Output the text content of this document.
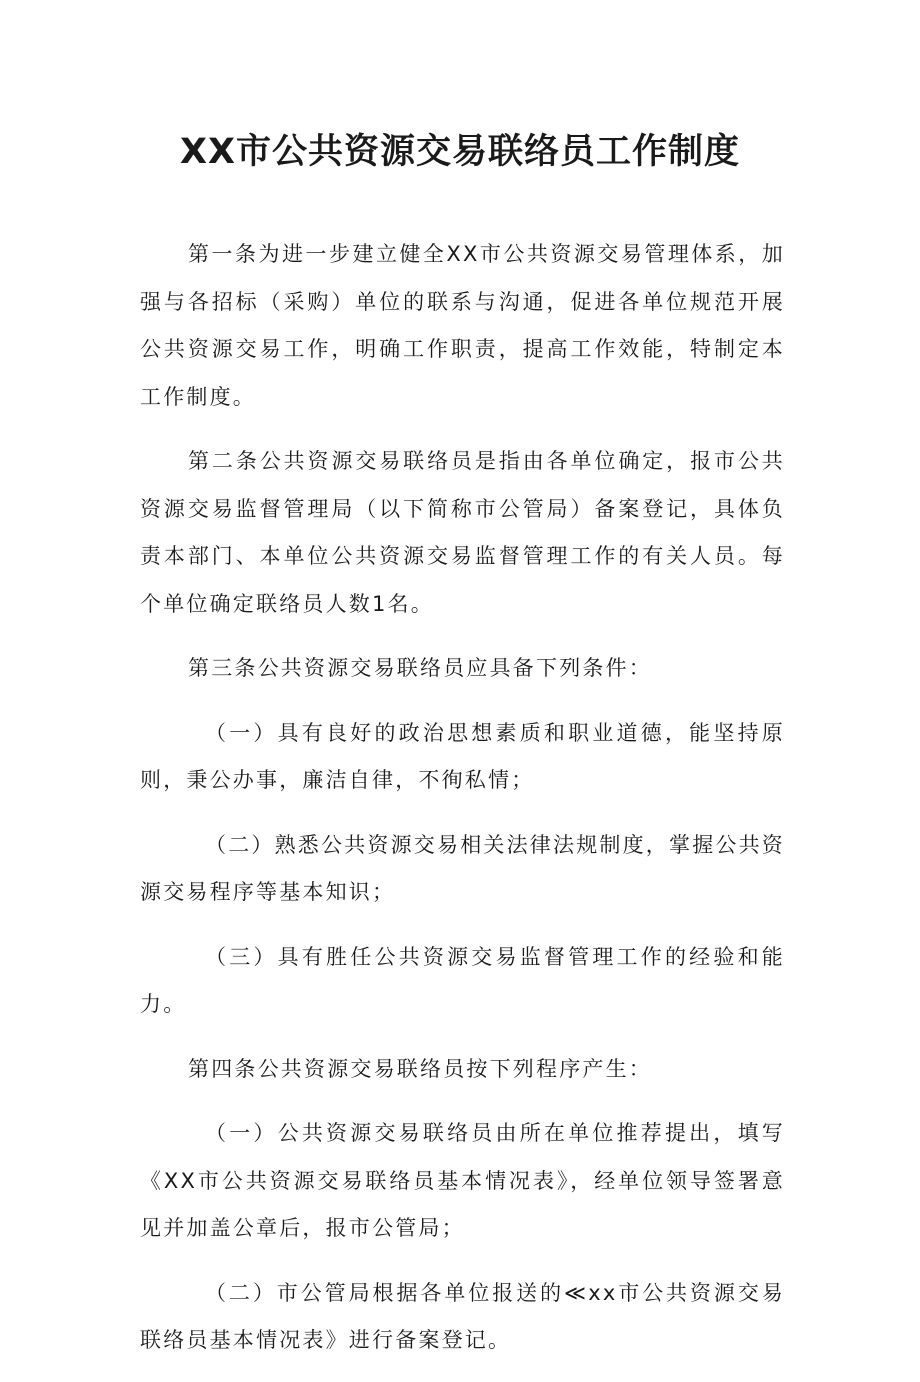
XX市公共资源交易联络员工作制度

第一条为进一步建立健全XX市公共资源交易管理体系，加强与各招标（采购）单位的联系与沟通，促进各单位规范开展公共资源交易工作，明确工作职责，提高工作效能，特制定本工作制度。

第二条公共资源交易联络员是指由各单位确定，报市公共资源交易监督管理局（以下简称市公管局）备案登记，具体负责本部门、本单位公共资源交易监督管理工作的有关人员。每个单位确定联络员人数1名。

第三条公共资源交易联络员应具备下列条件：

（一）具有良好的政治思想素质和职业道德，能坚持原则，秉公办事，廉洁自律，不徇私情；

（二）熟悉公共资源交易相关法律法规制度，掌握公共资源交易程序等基本知识；

（三）具有胜任公共资源交易监督管理工作的经验和能力。

第四条公共资源交易联络员按下列程序产生：

（一）公共资源交易联络员由所在单位推荐提出，填写《XX市公共资源交易联络员基本情况表》，经单位领导签署意见并加盖公章后，报市公管局；

（二）市公管局根据各单位报送的≪xx市公共资源交易联络员基本情况表》进行备案登记。
